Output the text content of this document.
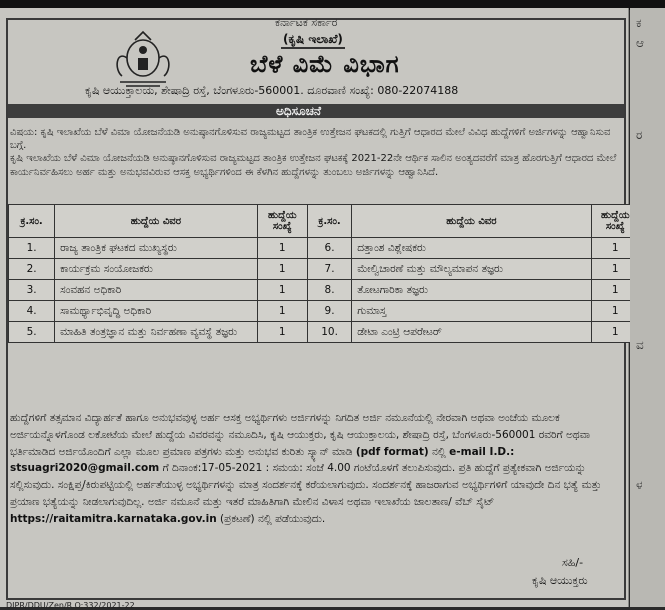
ಕರ್ನಾಟಕ ಸರ್ಕಾರ
(ಕೃಷಿ ಇಲಾಖೆ)
ಬೆಳೆ ವಿಮೆ ವಿಭಾಗ
ಕೃಷಿ ಆಯುಕ್ತಾಲಯ, ಶೇಷಾದ್ರಿ ರಸ್ತೆ, ಬೆಂಗಳೂರು-560001. ದೂರವಾಣಿ ಸಂಖ್ಯೆ: 080-22074188
ಅಧಿಸೂಚನೆ
ವಿಷಯ: ಕೃಷಿ ಇಲಾಖೆಯ ಬೆಳೆ ವಿಮಾ ಯೋಜನೆಯಡಿ ಅನುಷ್ಠಾನಗೊಳಿಸುವ ರಾಜ್ಯಮಟ್ಟದ ತಾಂತ್ರಿಕ ಉತ್ತೇಜನ ಘಟಕದಲ್ಲಿ ಗುತ್ತಿಗೆ ಆಧಾರದ ಮೇಲೆ ವಿವಿಧ ಹುದ್ದೆಗಳಿಗೆ ಅರ್ಜಿಗಳನ್ನು ಆಹ್ವಾನಿಸುವ ಬಗ್ಗೆ.
ಕೃಷಿ ಇಲಾಖೆಯ ಬೆಳೆ ವಿಮಾ ಯೋಜನೆಯಡಿ ಅನುಷ್ಠಾನಗೊಳಿಸುವ ರಾಜ್ಯಮಟ್ಟದ ತಾಂತ್ರಿಕ ಉತ್ತೇಜನ ಘಟಕಕ್ಕೆ 2021-22ನೇ ಆರ್ಥಿಕ ಸಾಲಿನ ಅಂತ್ಯದವರೆಗೆ ಮಾತ್ರ ಹೊರಗುತ್ತಿಗೆ ಆಧಾರದ ಮೇಲೆ ಕಾರ್ಯನಿರ್ವಹಿಸಲು ಅರ್ಹ ಮತ್ತು ಅನುಭವವಿರುವ ಆಸಕ್ತ ಅಭ್ಯರ್ಥಿಗಳಿಂದ ಈ ಕೆಳಗಿನ ಹುದ್ದೆಗಳನ್ನು ತುಂಬಲು ಅರ್ಜಿಗಳನ್ನು ಆಹ್ವಾನಿಸಿದೆ.
ಕ್ರ.ಸಂ.	ಹುದ್ದೆಯ ವಿವರ	ಹುದ್ದೆಯ ಸಂಖ್ಯೆ	ಕ್ರ.ಸಂ.	ಹುದ್ದೆಯ ವಿವರ	ಹುದ್ದೆಯ ಸಂಖ್ಯೆ
1.	ರಾಜ್ಯ ತಾಂತ್ರಿಕ ಘಟಕದ ಮುಖ್ಯಸ್ಥರು	1	6.	ದತ್ತಾಂಶ ವಿಶ್ಲೇಷಕರು	1
2.	ಕಾರ್ಯಕ್ರಮ ಸಂಯೋಜಕರು	1	7.	ಮೇಲ್ವಿಚಾರಣೆ ಮತ್ತು ಮೌಲ್ಯಮಾಪನ ತಜ್ಞರು	1
3.	ಸಂವಹನ ಅಧಿಕಾರಿ	1	8.	ತೋಟಗಾರಿಕಾ ತಜ್ಞರು	1
4.	ಸಾಮರ್ಥ್ಯಾಭಿವೃದ್ಧಿ ಅಧಿಕಾರಿ	1	9.	ಗುಮಾಸ್ತ	1
5.	ಮಾಹಿತಿ ತಂತ್ರಜ್ಞಾನ ಮತ್ತು ನಿರ್ವಹಣಾ ವ್ಯವಸ್ಥೆ ತಜ್ಞರು	1	10.	ಡೇಟಾ ಎಂಟ್ರಿ ಆಪರೇಟರ್	1
ಹುದ್ದೆಗಳಿಗೆ ತತ್ಸಮಾನ ವಿದ್ಯಾರ್ಹತೆ ಹಾಗೂ ಅನುಭವವುಳ್ಳ ಅರ್ಹ ಆಸಕ್ತ ಅಭ್ಯರ್ಥಿಗಳು ಅರ್ಜಿಗಳನ್ನು ನಿಗದಿತ ಅರ್ಜಿ ನಮೂನೆಯಲ್ಲಿ ನೇರವಾಗಿ ಅಥವಾ ಅಂಚೆಯ ಮೂಲಕ ಅರ್ಜಿಯನ್ನೊಳಗೊಂಡ ಲಕೋಟೆಯ ಮೇಲೆ ಹುದ್ದೆಯ ವಿವರವನ್ನು ನಮೂದಿಸಿ, ಕೃಷಿ ಆಯುಕ್ತರು, ಕೃಷಿ ಆಯುಕ್ತಾಲಯ, ಶೇಷಾದ್ರಿ ರಸ್ತೆ, ಬೆಂಗಳೂರು-560001 ರವರಿಗೆ ಅಥವಾ ಭರ್ತಿಮಾಡಿದ ಅರ್ಜಿಯೊಂದಿಗೆ ಎಲ್ಲಾ ಮೂಲ ಪ್ರಮಾಣ ಪತ್ರಗಳು ಮತ್ತು ಅನುಭವ ಕುರಿತು ಸ್ಕ್ಯಾನ್ ಮಾಡಿ (pdf format) ನಲ್ಲಿ e-mail I.D.: stsuagri2020@gmail.com ಗೆ ದಿನಾಂಕ:17-05-2021 : ಸಮಯ: ಸಂಜೆ 4.00 ಗಂಟೆಯೊಳಗೆ ತಲುಪಿಸುವುದು. ಪ್ರತಿ ಹುದ್ದೆಗೆ ಪ್ರತ್ಯೇಕವಾಗಿ ಅರ್ಜಿಯನ್ನು ಸಲ್ಲಿಸುವುದು. ಸಂಕ್ಷಿಪ್ತ/ಕಿರುಪಟ್ಟಿಯಲ್ಲಿ ಅರ್ಹತೆಯುಳ್ಳ ಅಭ್ಯರ್ಥಿಗಳನ್ನು ಮಾತ್ರ ಸಂದರ್ಶನಕ್ಕೆ ಕರೆಯಲಾಗುವುದು. ಸಂದರ್ಶನಕ್ಕೆ ಹಾಜರಾಗುವ ಅಭ್ಯರ್ಥಿಗಳಿಗೆ ಯಾವುದೇ ದಿನ ಭತ್ಯೆ ಮತ್ತು ಪ್ರಯಾಣ ಭತ್ಯೆಯನ್ನು ನೀಡಲಾಗುವುದಿಲ್ಲ. ಅರ್ಜಿ ನಮೂನೆ ಮತ್ತು ಇತರೆ ಮಾಹಿತಿಗಾಗಿ ಮೇಲಿನ ವಿಳಾಸ ಅಥವಾ ಇಲಾಖೆಯ ಜಾಲತಾಣ/ ವೆಬ್ ಸೈಟ್ https://raitamitra.karnataka.gov.in (ಪ್ರಕಟಣೆ) ನಲ್ಲಿ ಪಡೆಯುವುದು.
ಸಹಿ/-
ಕೃಷಿ ಆಯುಕ್ತರು
DIPR/DDU/Zen/R.O:332/2021-22
ಕ
ಆ
ರ
ವ
ಳ
